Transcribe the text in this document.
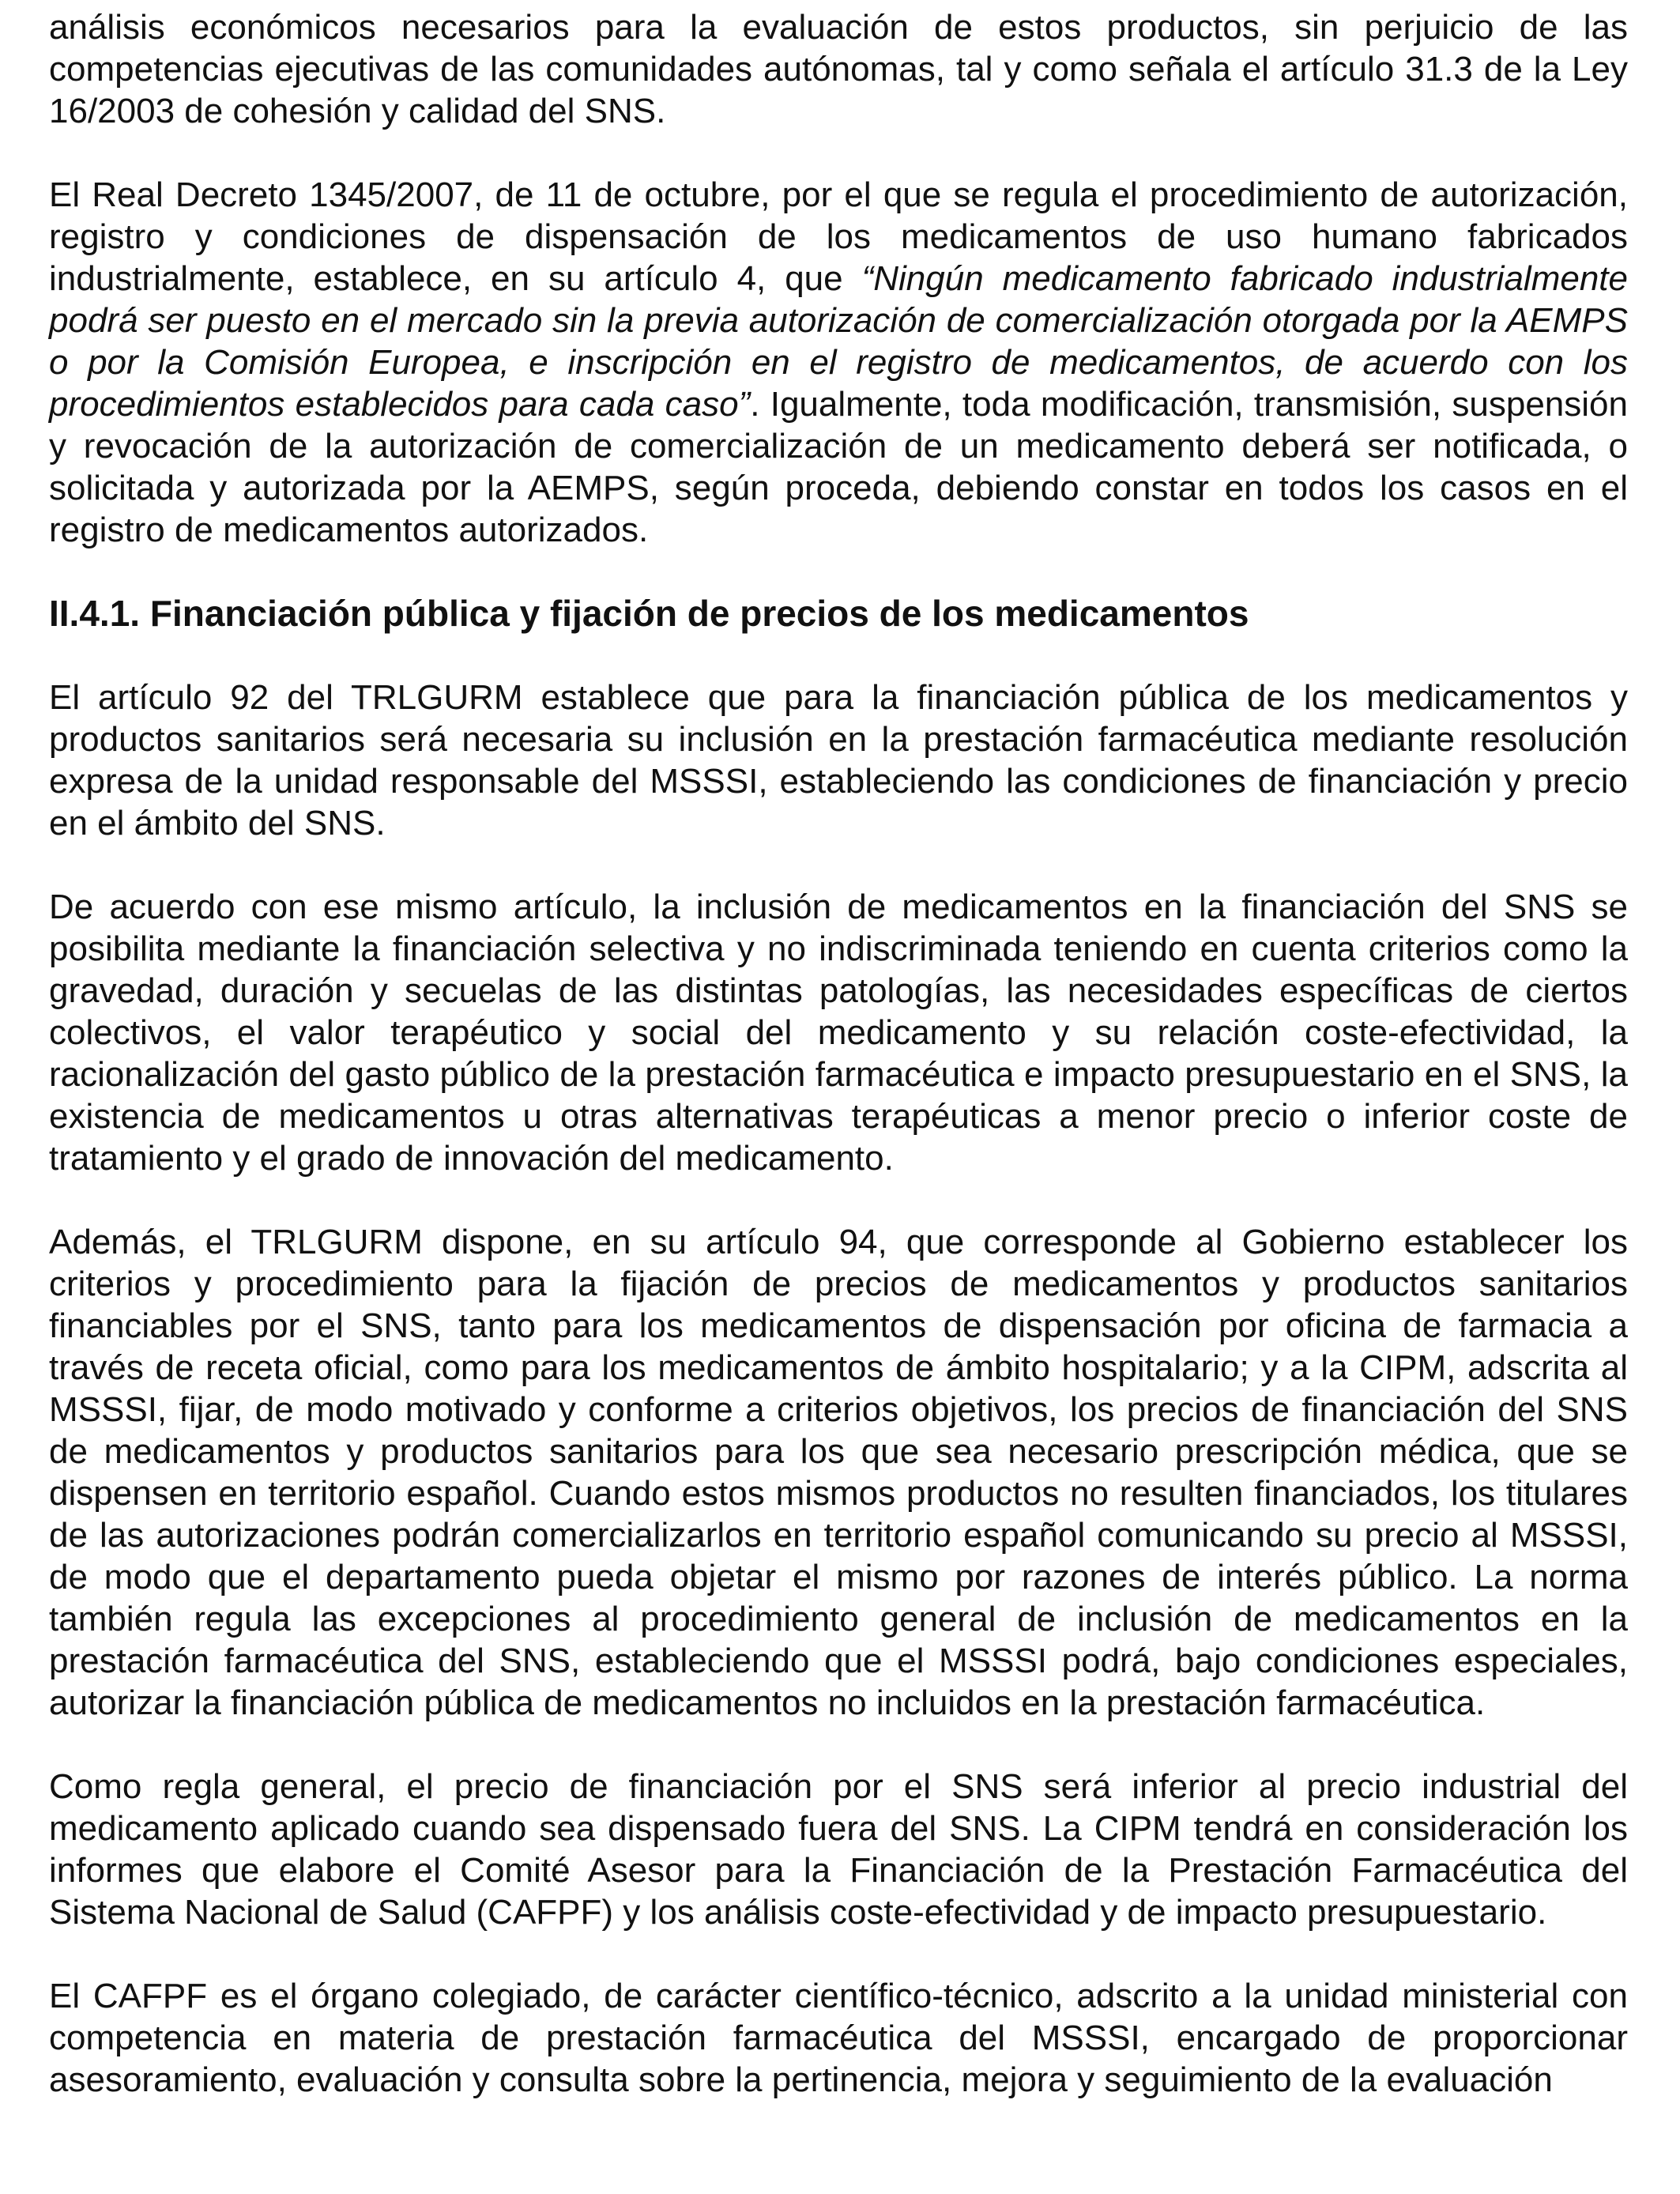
análisis económicos necesarios para la evaluación de estos productos, sin perjuicio de las competencias ejecutivas de las comunidades autónomas, tal y como señala el artículo 31.3 de la Ley 16/2003 de cohesión y calidad del SNS.

El Real Decreto 1345/2007, de 11 de octubre, por el que se regula el procedimiento de autorización, registro y condiciones de dispensación de los medicamentos de uso humano fabricados industrialmente, establece, en su artículo 4, que “Ningún medicamento fabricado industrialmente podrá ser puesto en el mercado sin la previa autorización de comercialización otorgada por la AEMPS o por la Comisión Europea, e inscripción en el registro de medicamentos, de acuerdo con los procedimientos establecidos para cada caso”. Igualmente, toda modificación, transmisión, suspensión y revocación de la autorización de comercialización de un medicamento deberá ser notificada, o solicitada y autorizada por la AEMPS, según proceda, debiendo constar en todos los casos en el registro de medicamentos autorizados.

II.4.1. Financiación pública y fijación de precios de los medicamentos

El artículo 92 del TRLGURM establece que para la financiación pública de los medicamentos y productos sanitarios será necesaria su inclusión en la prestación farmacéutica mediante resolución expresa de la unidad responsable del MSSSI, estableciendo las condiciones de financiación y precio en el ámbito del SNS.

De acuerdo con ese mismo artículo, la inclusión de medicamentos en la financiación del SNS se posibilita mediante la financiación selectiva y no indiscriminada teniendo en cuenta criterios como la gravedad, duración y secuelas de las distintas patologías, las necesidades específicas de ciertos colectivos, el valor terapéutico y social del medicamento y su relación coste-efectividad, la racionalización del gasto público de la prestación farmacéutica e impacto presupuestario en el SNS, la existencia de medicamentos u otras alternativas terapéuticas a menor precio o inferior coste de tratamiento y el grado de innovación del medicamento.

Además, el TRLGURM dispone, en su artículo 94, que corresponde al Gobierno establecer los criterios y procedimiento para la fijación de precios de medicamentos y productos sanitarios financiables por el SNS, tanto para los medicamentos de dispensación por oficina de farmacia a través de receta oficial, como para los medicamentos de ámbito hospitalario; y a la CIPM, adscrita al MSSSI, fijar, de modo motivado y conforme a criterios objetivos, los precios de financiación del SNS de medicamentos y productos sanitarios para los que sea necesario prescripción médica, que se dispensen en territorio español. Cuando estos mismos productos no resulten financiados, los titulares de las autorizaciones podrán comercializarlos en territorio español comunicando su precio al MSSSI, de modo que el departamento pueda objetar el mismo por razones de interés público. La norma también regula las excepciones al procedimiento general de inclusión de medicamentos en la prestación farmacéutica del SNS, estableciendo que el MSSSI podrá, bajo condiciones especiales, autorizar la financiación pública de medicamentos no incluidos en la prestación farmacéutica.

Como regla general, el precio de financiación por el SNS será inferior al precio industrial del medicamento aplicado cuando sea dispensado fuera del SNS. La CIPM tendrá en consideración los informes que elabore el Comité Asesor para la Financiación de la Prestación Farmacéutica del Sistema Nacional de Salud (CAFPF) y los análisis coste-efectividad y de impacto presupuestario.

El CAFPF es el órgano colegiado, de carácter científico-técnico, adscrito a la unidad ministerial con competencia en materia de prestación farmacéutica del MSSSI, encargado de proporcionar asesoramiento, evaluación y consulta sobre la pertinencia, mejora y seguimiento de la evaluación
